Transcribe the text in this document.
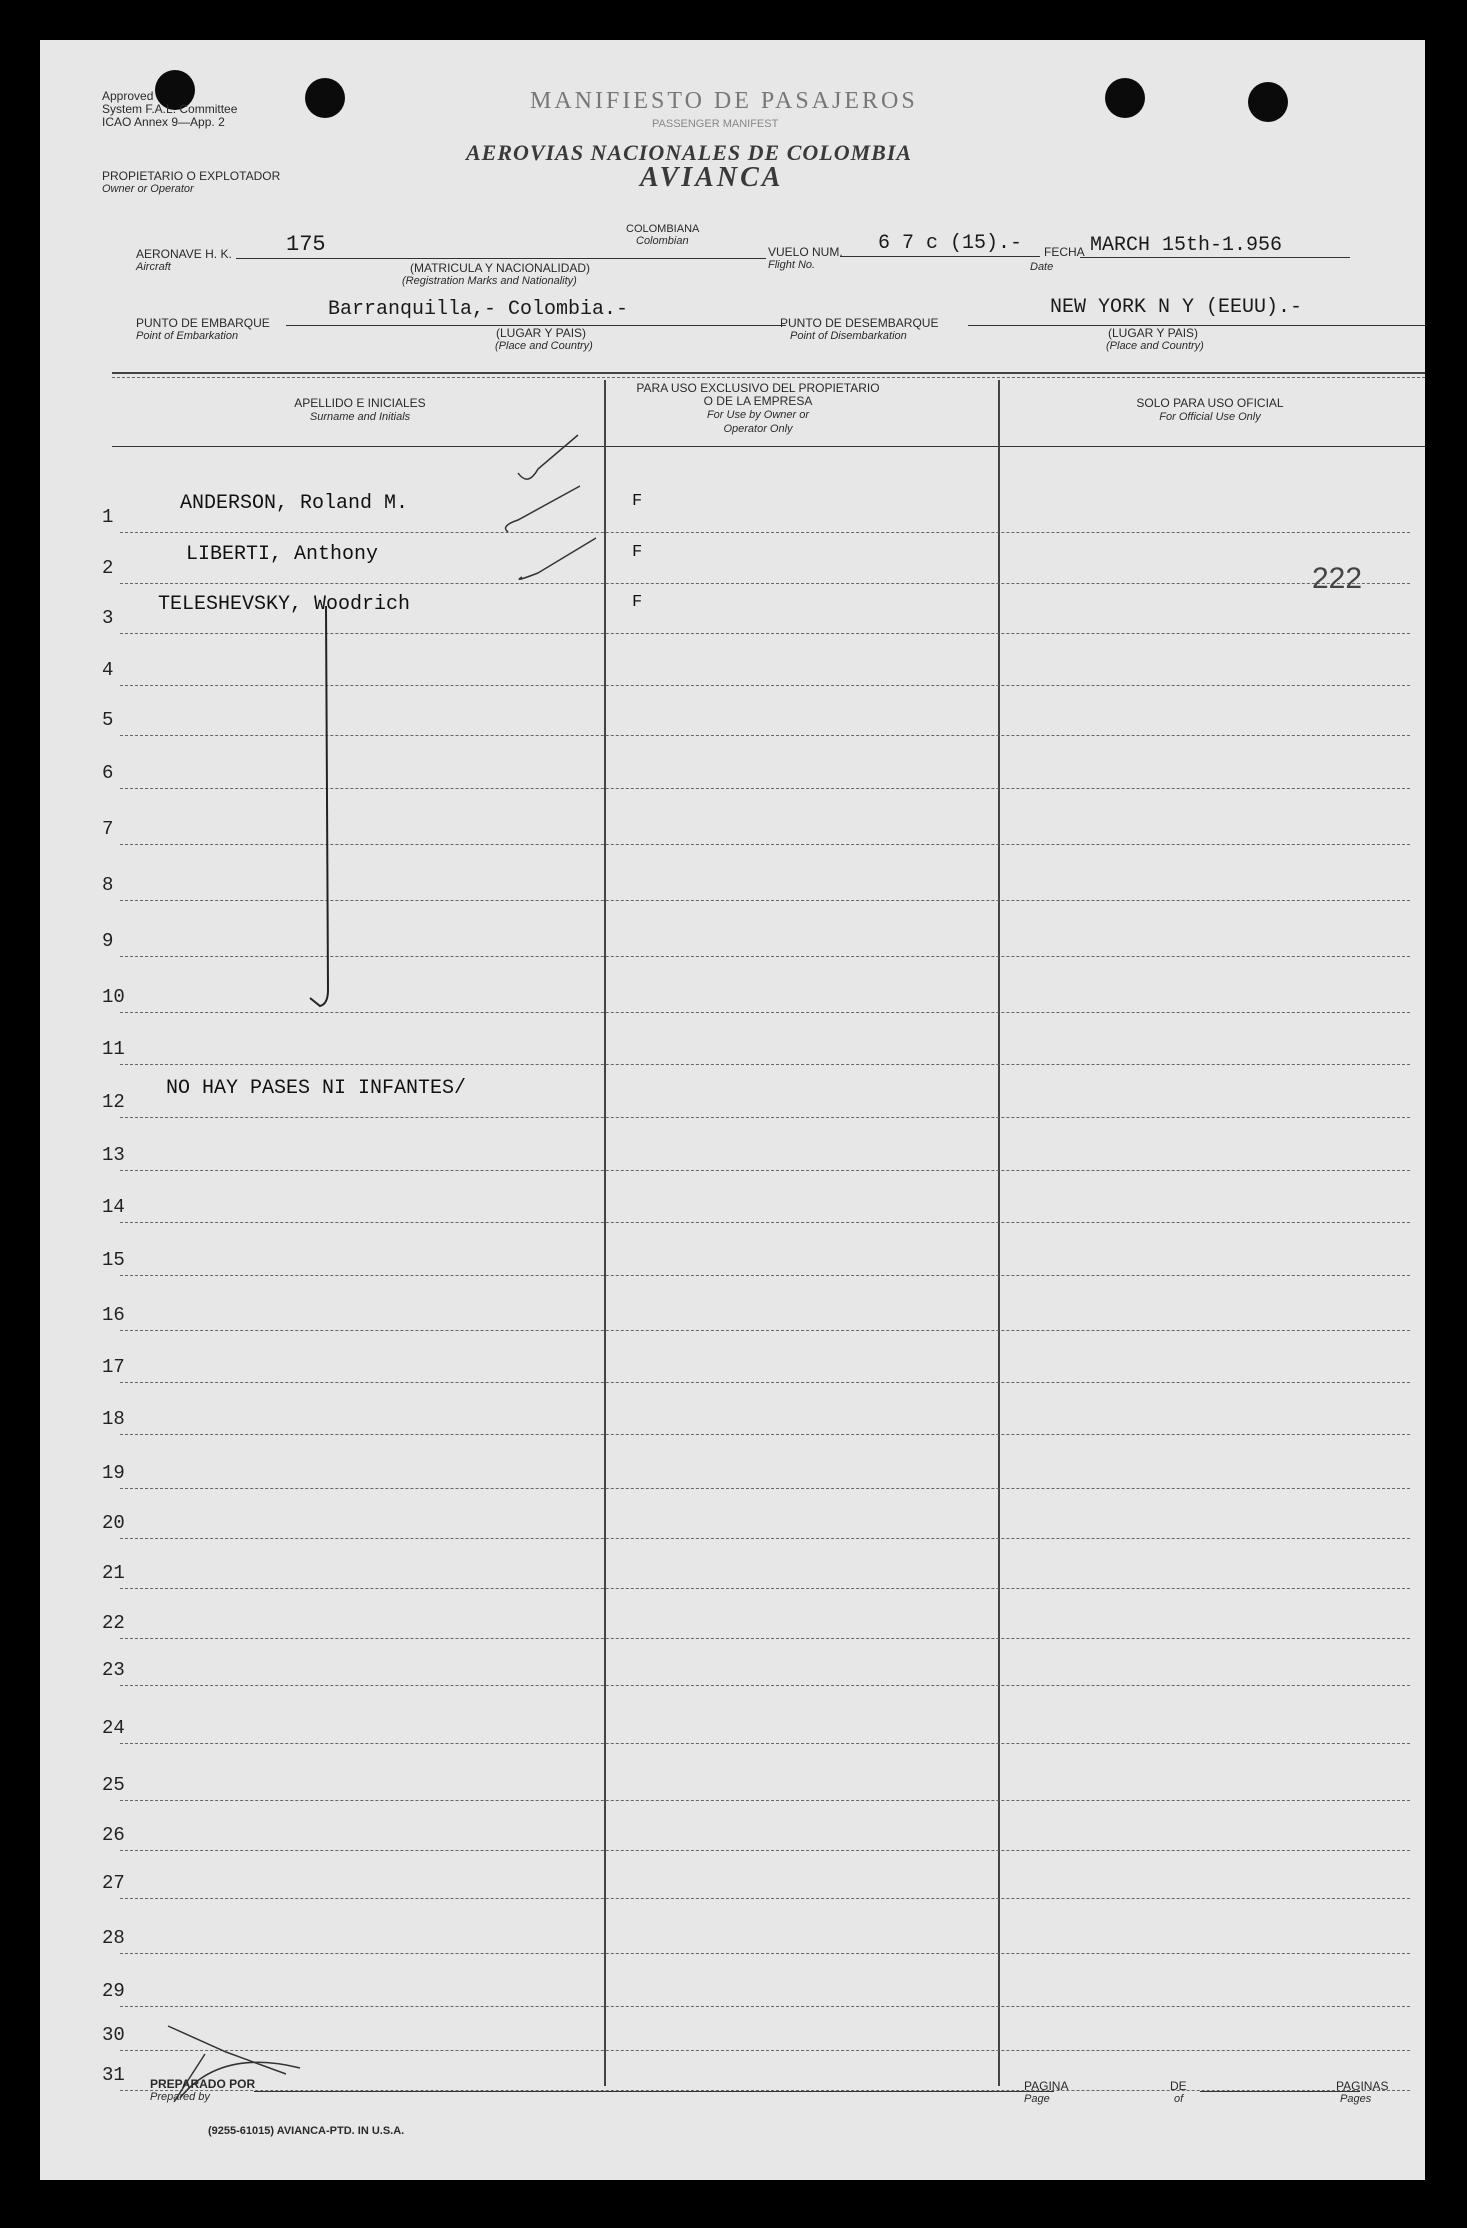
Approved
System F.A.L. Committee
ICAO Annex 9—App. 2
MANIFIESTO DE PASAJEROS
PASSENGER MANIFEST
AEROVIAS NACIONALES DE COLOMBIA
AVIANCA
PROPIETARIO O EXPLOTADOR
Owner or Operator
AERONAVE H. K.
Aircraft
175
COLOMBIANA
Colombian
(MATRICULA Y NACIONALIDAD)
(Registration Marks and Nationality)
VUELO NUM.
Flight No.
6 7 c (15).- FECHA
Date
MARCH 15th-1.956
PUNTO DE EMBARQUE
Point of Embarkation
Barranquilla,- Colombia.-
(LUGAR Y PAIS)
(Place and Country)
PUNTO DE DESEMBARQUE
Point of Disembarkation
NEW YORK N Y (EEUU).-
(LUGAR Y PAIS)
(Place and Country)
APELLIDO E INICIALES
Surname and Initials
PARA USO EXCLUSIVO DEL PROPIETARIO
O DE LA EMPRESA
For Use by Owner or
Operator Only
SOLO PARA USO OFICIAL
For Official Use Only
1
ANDERSON, Roland M.	F
2
LIBERTI, Anthony	F
3
TELESHEVSKY, Woodrich	F
4
5
6
7
8
9
10
11
12
NO HAY PASES NI INFANTES/
13
14
15
16
17
18
19
20
21
22
23
24
25
26
27
28
29
30
31
222
PREPARADO POR
Prepared by
PAGINA
Page
DE
of
PAGINAS
Pages
(9255-61015) AVIANCA-PTD. IN U.S.A.
